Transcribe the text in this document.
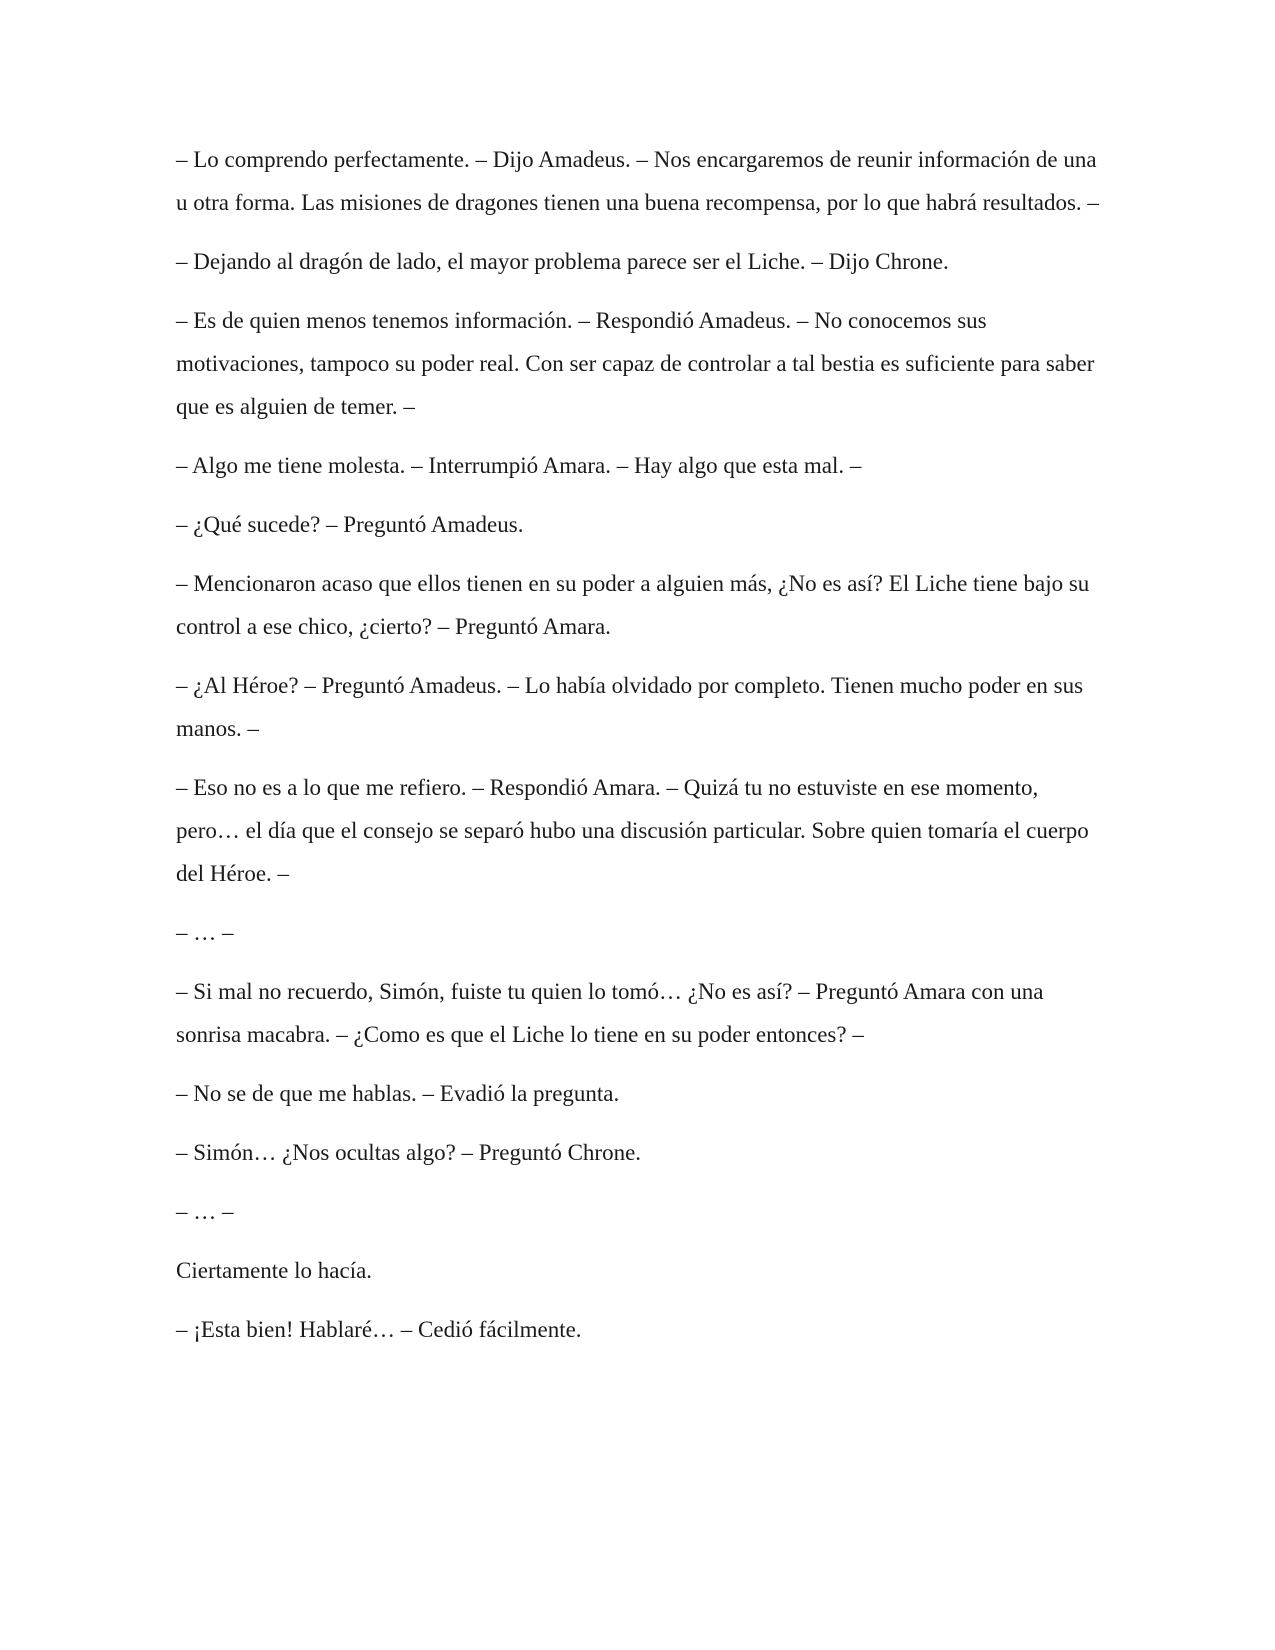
– Lo comprendo perfectamente. – Dijo Amadeus. – Nos encargaremos de reunir información de una u otra forma. Las misiones de dragones tienen una buena recompensa, por lo que habrá resultados. –

– Dejando al dragón de lado, el mayor problema parece ser el Liche. – Dijo Chrone.

– Es de quien menos tenemos información. – Respondió Amadeus. – No conocemos sus motivaciones, tampoco su poder real. Con ser capaz de controlar a tal bestia es suficiente para saber que es alguien de temer. –

– Algo me tiene molesta. – Interrumpió Amara. – Hay algo que esta mal. –

– ¿Qué sucede? – Preguntó Amadeus.

– Mencionaron acaso que ellos tienen en su poder a alguien más, ¿No es así? El Liche tiene bajo su control a ese chico, ¿cierto? – Preguntó Amara.

– ¿Al Héroe? – Preguntó Amadeus. – Lo había olvidado por completo. Tienen mucho poder en sus manos. –

– Eso no es a lo que me refiero. – Respondió Amara. – Quizá tu no estuviste en ese momento, pero… el día que el consejo se separó hubo una discusión particular. Sobre quien tomaría el cuerpo del Héroe. –

– … –

– Si mal no recuerdo, Simón, fuiste tu quien lo tomó… ¿No es así? – Preguntó Amara con una sonrisa macabra. – ¿Como es que el Liche lo tiene en su poder entonces? –

– No se de que me hablas. – Evadió la pregunta.

– Simón… ¿Nos ocultas algo? – Preguntó Chrone.

– … –

Ciertamente lo hacía.

– ¡Esta bien! Hablaré… – Cedió fácilmente.
